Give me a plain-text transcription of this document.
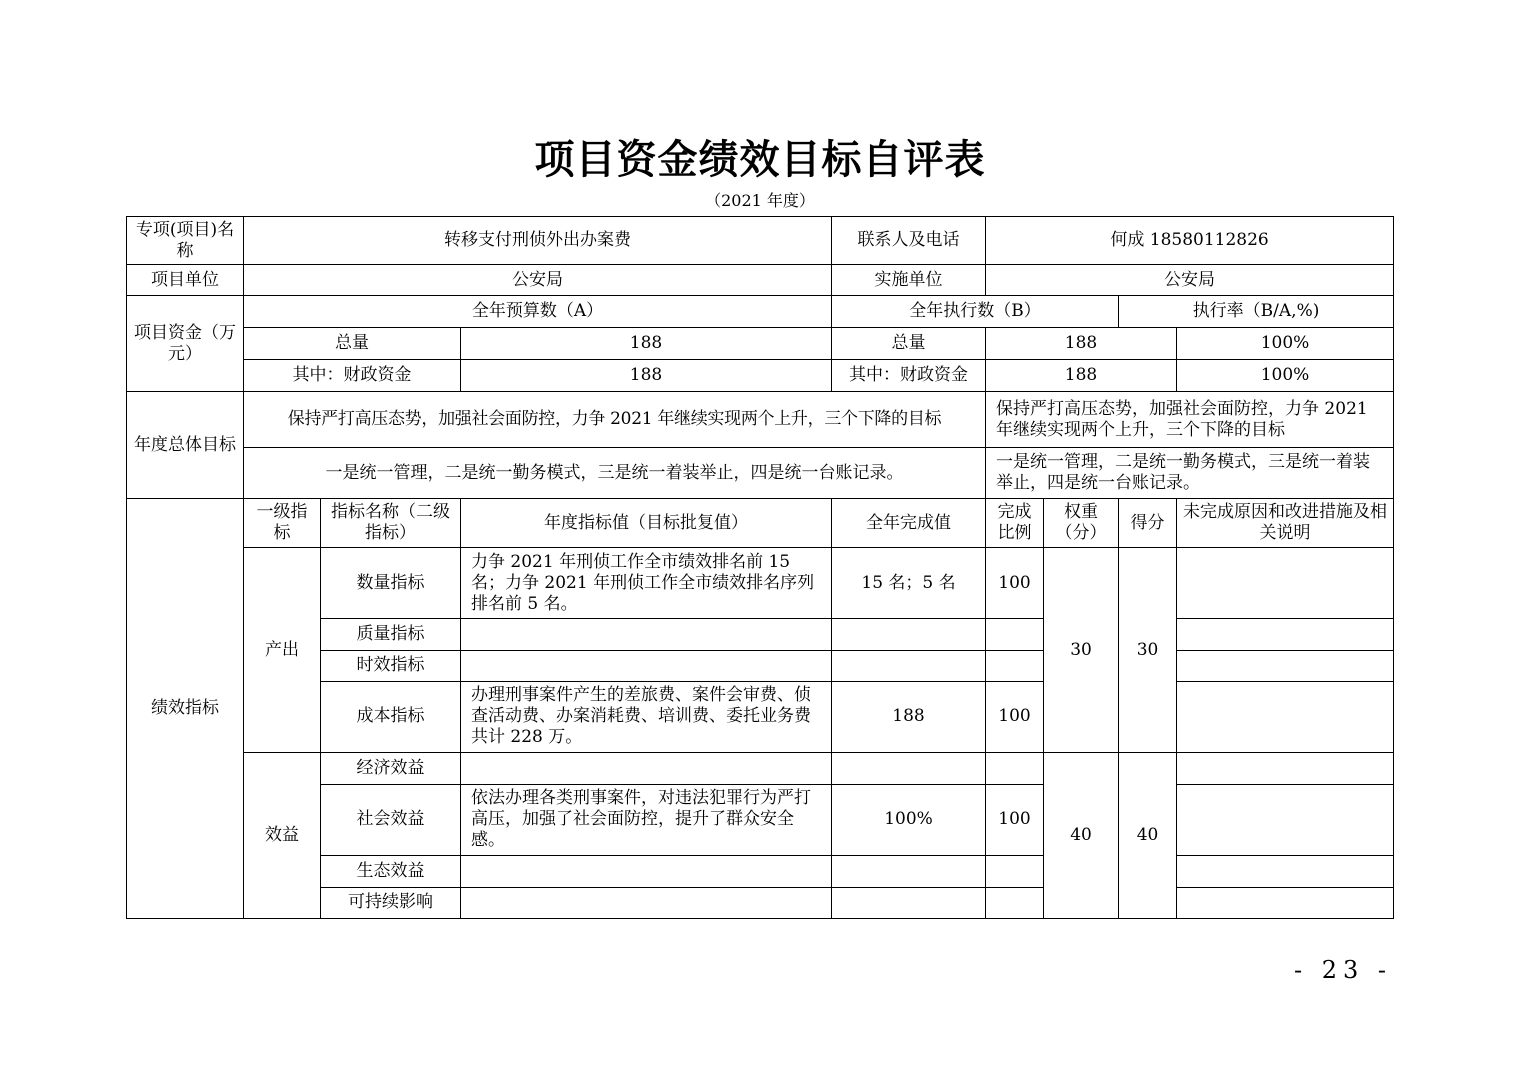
项目资金绩效目标自评表
（2021 年度）
专项(项目)名称	转移支付刑侦外出办案费			联系人及电话	何成 18580112826			
项目单位	公安局			实施单位	公安局			
项目资金（万元）	全年预算数（A）			全年执行数（B）			执行率（B/A,%)	
	总量		188	总量	188			100%
	其中：财政资金		188	其中：财政资金	188			100%
年度总体目标	保持严打高压态势，加强社会面防控，力争 2021 年继续实现两个上升，三个下降的目标				保持严打高压态势，加强社会面防控，力争 2021 年继续实现两个上升，三个下降的目标			
	一是统一管理，二是统一勤务模式，三是统一着装举止，四是统一台账记录。				一是统一管理，二是统一勤务模式，三是统一着装举止，四是统一台账记录。			
绩效指标	一级指标	指标名称（二级指标）	年度指标值（目标批复值）	全年完成值	完成比例	权重（分）	得分	未完成原因和改进措施及相关说明
	产出	数量指标	力争 2021 年刑侦工作全市绩效排名前 15 名；力争 2021 年刑侦工作全市绩效排名序列排名前 5 名。	15 名；5 名	100	30	30	
		质量指标						
		时效指标						
		成本指标	办理刑事案件产生的差旅费、案件会审费、侦查活动费、办案消耗费、培训费、委托业务费共计 228 万。	188	100			
	效益	经济效益				40	40	
		社会效益	依法办理各类刑事案件，对违法犯罪行为严打高压，加强了社会面防控，提升了群众安全感。	100%	100			
		生态效益						
		可持续影响						
- 23 -
